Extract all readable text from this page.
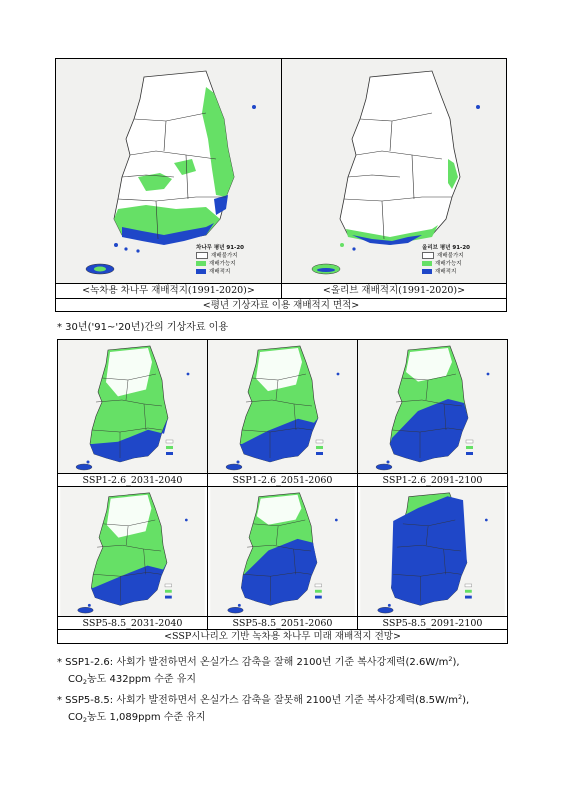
차나무 평년 91-20
재배불가지
재배가능지
재배적지
올리브 평년 91-20
재배불가지
재배가능지
재배적지
<녹차용 차나무 재배적지(1991-2020)>	<올리브 재배적지(1991-2020)>
<평년 기상자료 이용 재배적지 면적>
* 30년('91~'20년)간의 기상자료 이용
SSP1-2.6_2031-2040	SSP1-2.6_2051-2060	SSP1-2.6_2091-2100
SSP5-8.5_2031-2040	SSP5-8.5_2051-2060	SSP5-8.5_2091-2100
<SSP시나리오 기반 녹차용 차나무 미래 재배적지 전망>
* SSP1-2.6: 사회가 발전하면서 온실가스 감축을 잘해 2100년 기준 복사강제력$(2.6W/m^2)$,
$CO_2$농도 432ppm 수준 유지
* SSP5-8.5: 사회가 발전하면서 온실가스 감축을 잘못해 2100년 기준 복사강제력$(8.5W/m^2)$,
$CO_2$농도 1,089ppm 수준 유지
